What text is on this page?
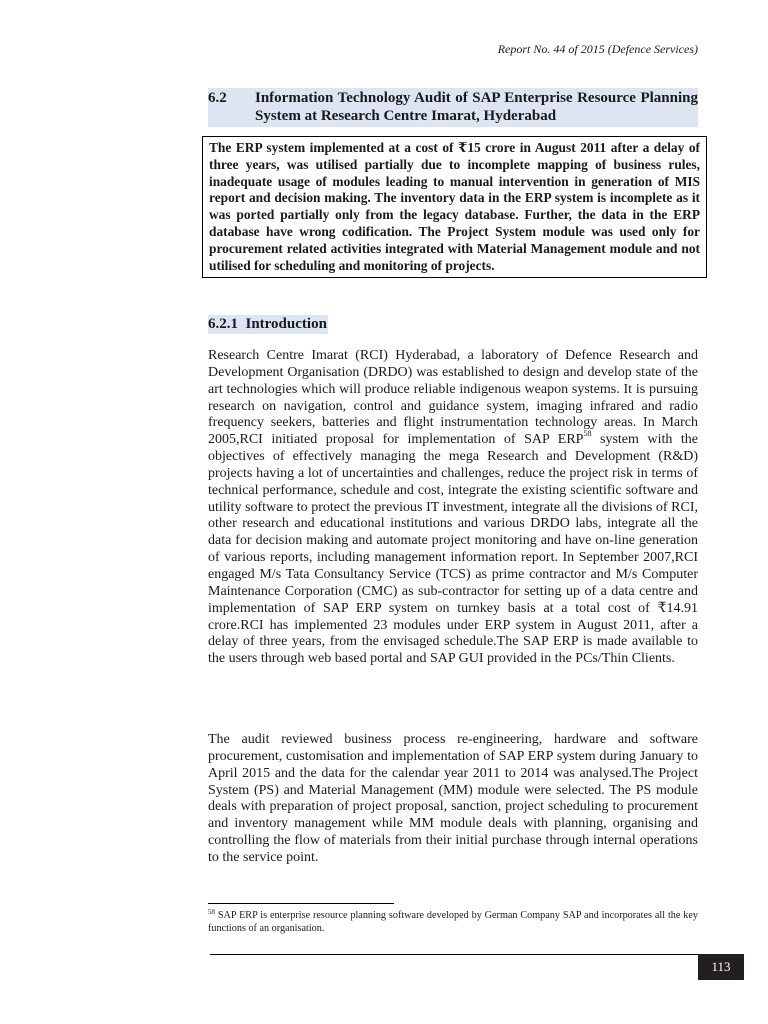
Report No. 44 of 2015 (Defence Services)
6.2 Information Technology Audit of SAP Enterprise Resource Planning System at Research Centre Imarat, Hyderabad
The ERP system implemented at a cost of ₹15 crore in August 2011 after a delay of three years, was utilised partially due to incomplete mapping of business rules, inadequate usage of modules leading to manual intervention in generation of MIS report and decision making. The inventory data in the ERP system is incomplete as it was ported partially only from the legacy database. Further, the data in the ERP database have wrong codification. The Project System module was used only for procurement related activities integrated with Material Management module and not utilised for scheduling and monitoring of projects.
6.2.1 Introduction

Research Centre Imarat (RCI) Hyderabad, a laboratory of Defence Research and Development Organisation (DRDO) was established to design and develop state of the art technologies which will produce reliable indigenous weapon systems. It is pursuing research on navigation, control and guidance system, imaging infrared and radio frequency seekers, batteries and flight instrumentation technology areas. In March 2005,RCI initiated proposal for implementation of SAP ERP$^{58}$ system with the objectives of effectively managing the mega Research and Development (R&D) projects having a lot of uncertainties and challenges, reduce the project risk in terms of technical performance, schedule and cost, integrate the existing scientific software and utility software to protect the previous IT investment, integrate all the divisions of RCI, other research and educational institutions and various DRDO labs, integrate all the data for decision making and automate project monitoring and have on-line generation of various reports, including management information report. In September 2007,RCI engaged M/s Tata Consultancy Service (TCS) as prime contractor and M/s Computer Maintenance Corporation (CMC) as sub-contractor for setting up of a data centre and implementation of SAP ERP system on turnkey basis at a total cost of ₹14.91 crore.RCI has implemented 23 modules under ERP system in August 2011, after a delay of three years, from the envisaged schedule.The SAP ERP is made available to the users through web based portal and SAP GUI provided in the PCs/Thin Clients.

The audit reviewed business process re-engineering, hardware and software procurement, customisation and implementation of SAP ERP system during January to April 2015 and the data for the calendar year 2011 to 2014 was analysed.The Project System (PS) and Material Management (MM) module were selected. The PS module deals with preparation of project proposal, sanction, project scheduling to procurement and inventory management while MM module deals with planning, organising and controlling the flow of materials from their initial purchase through internal operations to the service point.

$^{58}$ SAP ERP is enterprise resource planning software developed by German Company SAP and incorporates all the key functions of an organisation.
113
